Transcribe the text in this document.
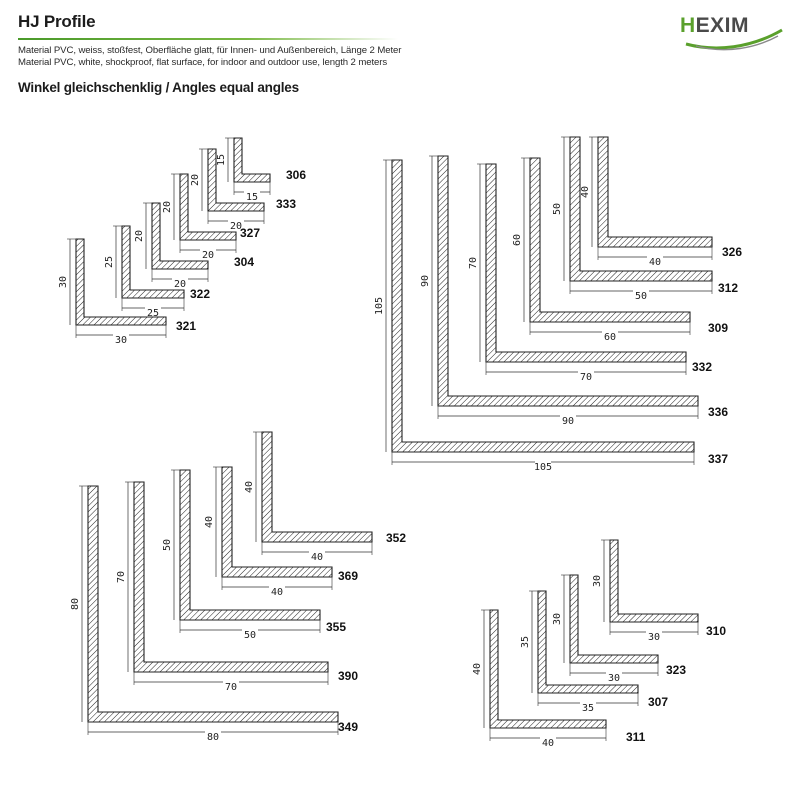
HJ Profile
Material PVC, weiss, stoßfest, Oberfläche glatt, für Innen- und Außenbereich, Länge 2 Meter
Material PVC, white, shockproof, flat surface, for indoor and outdoor use, length 2 meters
Winkel gleichschenklig / Angles equal angles
HEXIM
15
15
306
20
20
333
20
20
327
20
20
304
25
25
322
30
30
321
40
40
326
50
50
312
60
60
309
70
70
332
90
90
336
105
105
337
40
40
352
40
40
369
50
50
355
70
70
390
80
80
349
30
30	310
30
30
323
35
35	307
40
40	311
